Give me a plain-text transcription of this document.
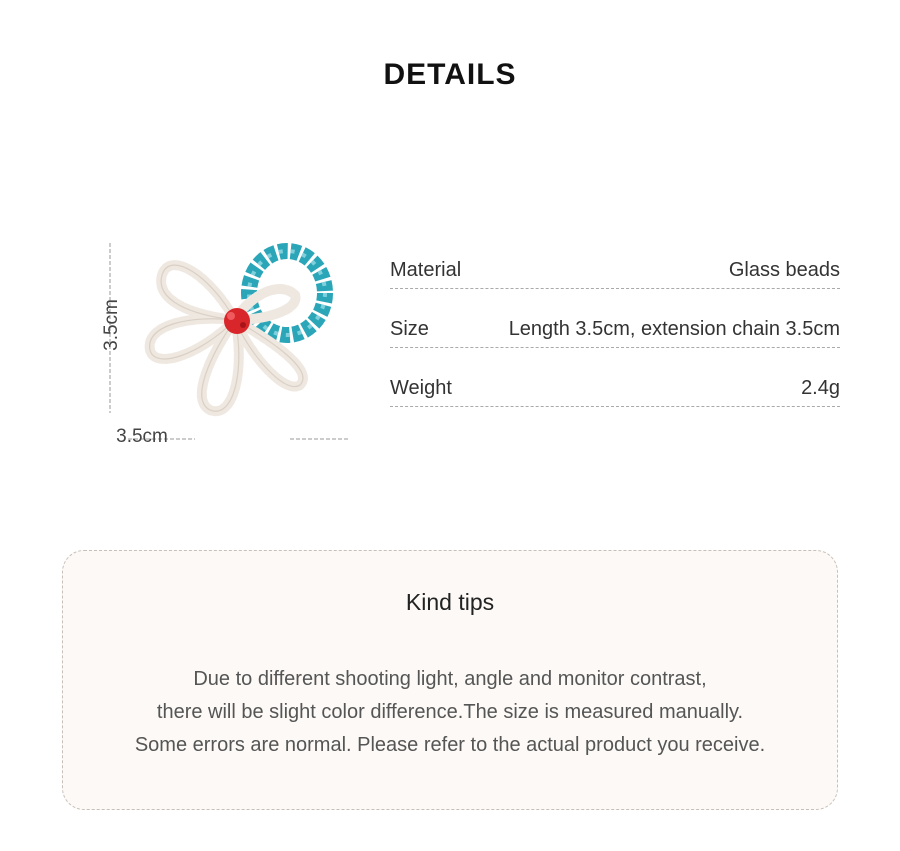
DETAILS
3.5cm
3.5cm
Material	Glass beads
Size	Length 3.5cm, extension chain 3.5cm
Weight	2.4g
Kind tips
Due to different shooting light, angle and monitor contrast,
there will be slight color difference.The size is measured manually.
Some errors are normal. Please refer to the actual product you receive.
